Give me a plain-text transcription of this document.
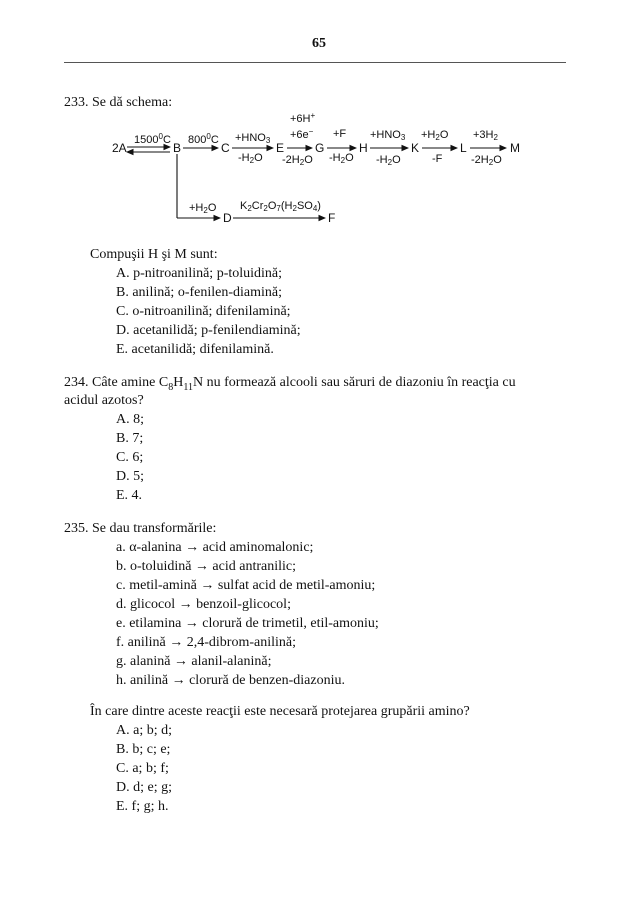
65
233. Se dă schema:
2A	B	C	E	G	H	K	L	M
D	F
1500$^0$C $800^0C +HNO3$
-H2O
+6H+
+6e−
-2H2O
+F
-H2O
+HNO3
-H2O
+H2O
-F
+3H2
-2H2O
+H2O K2Cr2O7(H2SO4)
Compuşii H şi M sunt:
A. p-nitroanilină; p-toluidină;
B. anilină; o-fenilen-diamină;
C. o-nitroanilină; difenilamină;
D. acetanilidă; p-fenilendiamină;
E. acetanilidă; difenilamină.
234. Câte amine $C_8H_{11}N$ nu formează alcooli sau săruri de diazoniu în reacţia cu
acidul azotos?
A. 8;
B. 7;
C. 6;
D. 5;
E. 4.
235. Se dau transformările:
a. α-alanina → acid aminomalonic;
b. o-toluidină → acid antranilic;
c. metil-amină → sulfat acid de metil-amoniu;
d. glicocol → benzoil-glicocol;
e. etilamina → clorură de trimetil, etil-amoniu;
f. anilină → 2,4-dibrom-anilină;
g. alanină → alanil-alanină;
h. anilină → clorură de benzen-diazoniu.
În care dintre aceste reacţii este necesară protejarea grupării amino?
A. a; b; d;
B. b; c; e;
C. a; b; f;
D. d; e; g;
E. f; g; h.
